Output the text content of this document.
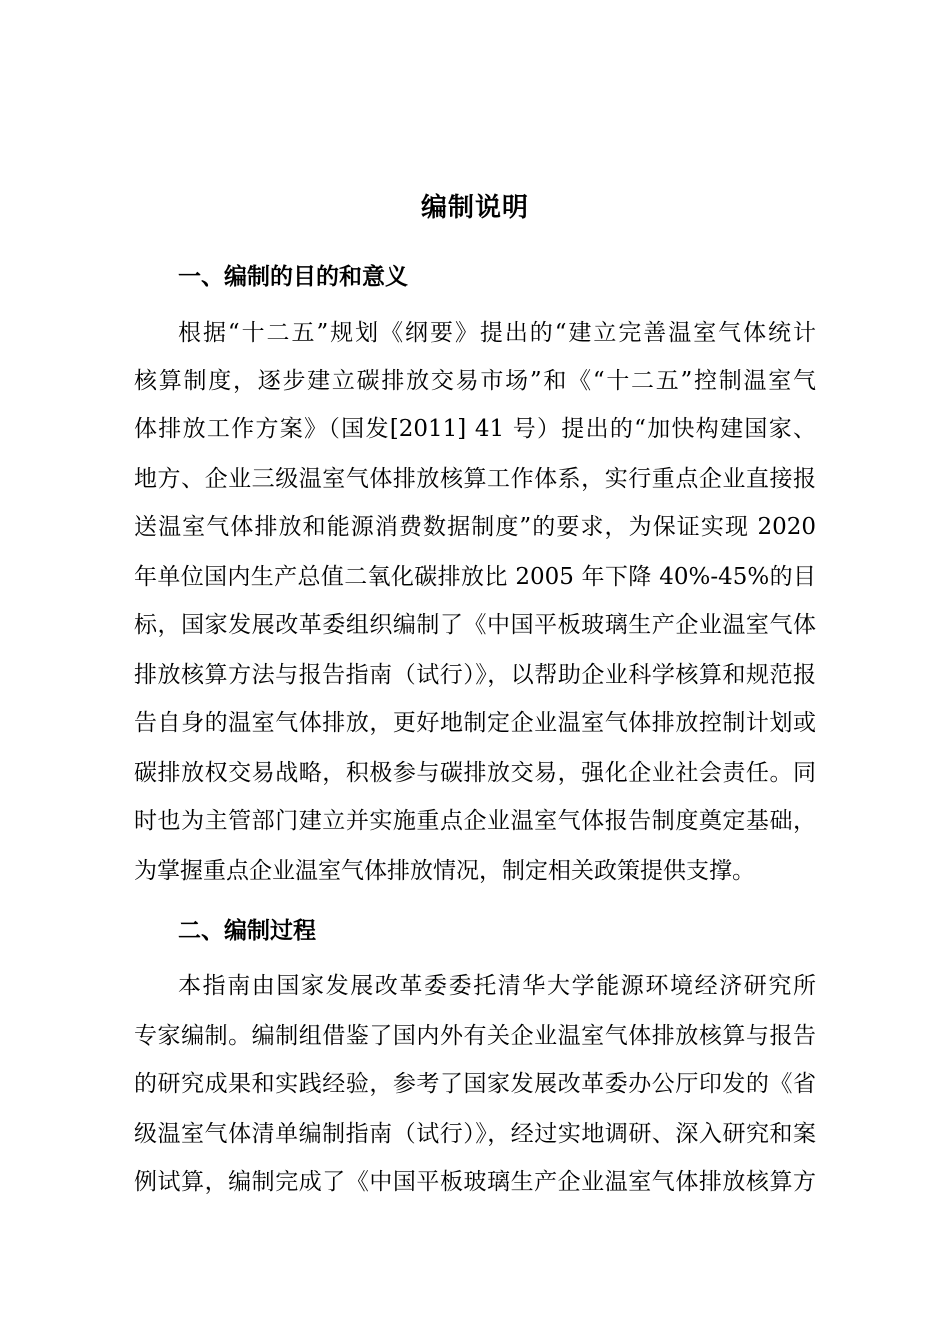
编制说明
一、编制的目的和意义
根据“十二五”规划《纲要》提出的“建立完善温室气体统计
核算制度，逐步建立碳排放交易市场”和《“十二五”控制温室气
体排放工作方案》（国发[2011] 41 号）提出的“加快构建国家、
地方、企业三级温室气体排放核算工作体系，实行重点企业直接报
送温室气体排放和能源消费数据制度”的要求，为保证实现 2020
年单位国内生产总值二氧化碳排放比 2005 年下降 40%-45%的目
标，国家发展改革委组织编制了《中国平板玻璃生产企业温室气体
排放核算方法与报告指南（试行）》，以帮助企业科学核算和规范报
告自身的温室气体排放，更好地制定企业温室气体排放控制计划或
碳排放权交易战略，积极参与碳排放交易，强化企业社会责任。同
时也为主管部门建立并实施重点企业温室气体报告制度奠定基础，
为掌握重点企业温室气体排放情况，制定相关政策提供支撑。
二、编制过程
本指南由国家发展改革委委托清华大学能源环境经济研究所
专家编制。编制组借鉴了国内外有关企业温室气体排放核算与报告
的研究成果和实践经验，参考了国家发展改革委办公厅印发的《省
级温室气体清单编制指南（试行）》，经过实地调研、深入研究和案
例试算，编制完成了《中国平板玻璃生产企业温室气体排放核算方
